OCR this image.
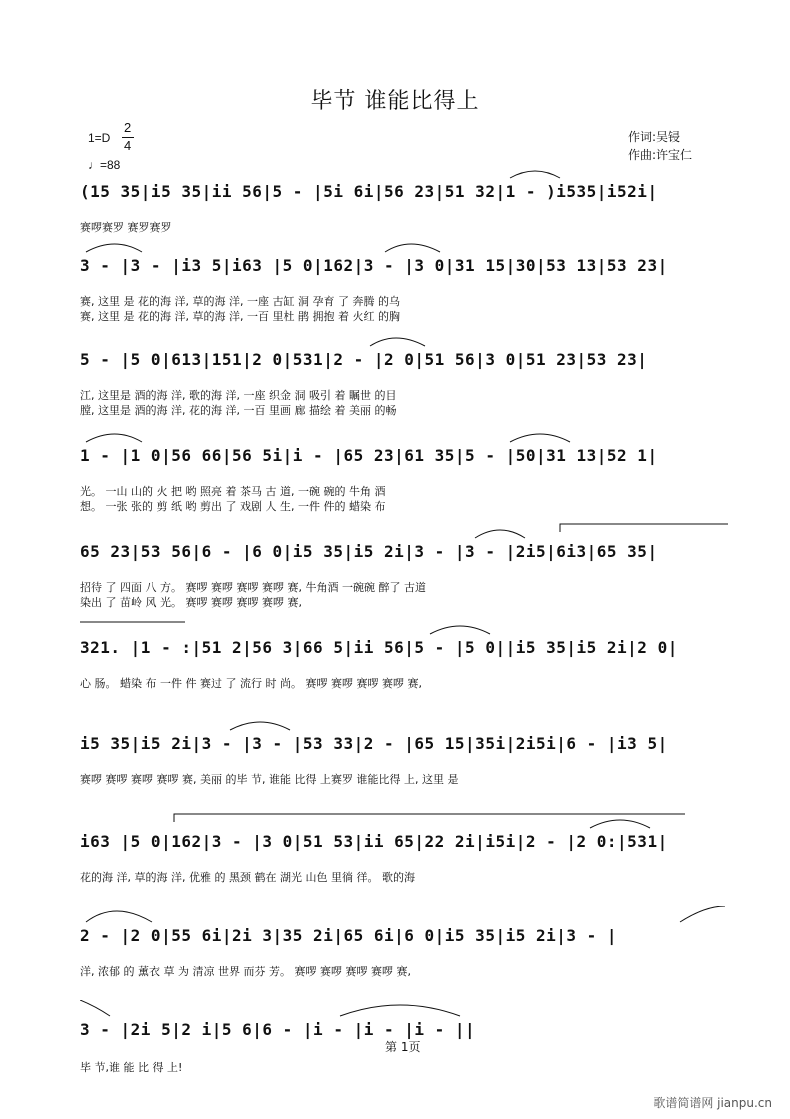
毕节 谁能比得上
1=D
2
4
♩=88
作词:吴锓
作曲:许宝仁
(15 35|i5 35|ii 56|5 - |5i 6i|56 23|51 32|1 - )i535|i52i|
赛啰赛罗 赛罗赛罗
3 - |3 - |i3 5|i63 |5 0|162|3 - |3 0|31 15|30|53 13|53 23|
赛, 这里 是 花的海 洋, 草的海 洋, 一座 古缸 洞 孕育 了 奔腾 的乌
赛, 这里 是 花的海 洋, 草的海 洋, 一百 里杜 鹃 拥抱 着 火红 的胸
5 - |5 0|613|151|2 0|531|2 - |2 0|51 56|3 0|51 23|53 23|
江, 这里是 酒的海 洋, 歌的海 洋, 一座 织金 洞 吸引 着 瞩世 的目
膛, 这里是 酒的海 洋, 花的海 洋, 一百 里画 廊 描绘 着 美丽 的畅
1 - |1 0|56 66|56 5i|i - |65 23|61 35|5 - |50|31 13|52 1|
光。 一山 山的 火 把 哟 照亮 着 茶马 古 道, 一碗 碗的 牛角 酒
想。 一张 张的 剪 纸 哟 剪出 了 戏剧 人 生, 一件 件的 蜡染 布
65 23|53 56|6 - |6 0|i5 35|i5 2i|3 - |3 - |2i5|6i3|65 35|
招待 了 四面 八 方。 赛啰 赛啰 赛啰 赛啰 赛, 牛角酒 一碗碗 醉了 古道
染出 了 苗岭 风 光。 赛啰 赛啰 赛啰 赛啰 赛,
321. |1 - :|51 2|56 3|66 5|ii 56|5 - |5 0||i5 35|i5 2i|2 0|
心 肠。 蜡染 布 一件 件 赛过 了 流行 时 尚。 赛啰 赛啰 赛啰 赛啰 赛,
i5 35|i5 2i|3 - |3 - |53 33|2 - |65 15|35i|2i5i|6 - |i3 5|
赛啰 赛啰 赛啰 赛啰 赛, 美丽 的毕 节, 谁能 比得 上赛罗 谁能比得 上, 这里 是
i63 |5 0|162|3 - |3 0|51 53|ii 65|22 2i|i5i|2 - |2 0:|531|
花的海 洋, 草的海 洋, 优雅 的 黑颈 鹤在 湖光 山色 里徜 徉。 歌的海
2 - |2 0|55 6i|2i 3|35 2i|65 6i|6 0|i5 35|i5 2i|3 - |
洋, 浓郁 的 薰衣 草 为 清凉 世界 而芬 芳。 赛啰 赛啰 赛啰 赛啰 赛,
3 - |2i 5|2 i|5 6|6 - |i - |i - |i - ||
毕 节,谁 能 比 得 上!
第 1页
歌谱简谱网 jianpu.cn
